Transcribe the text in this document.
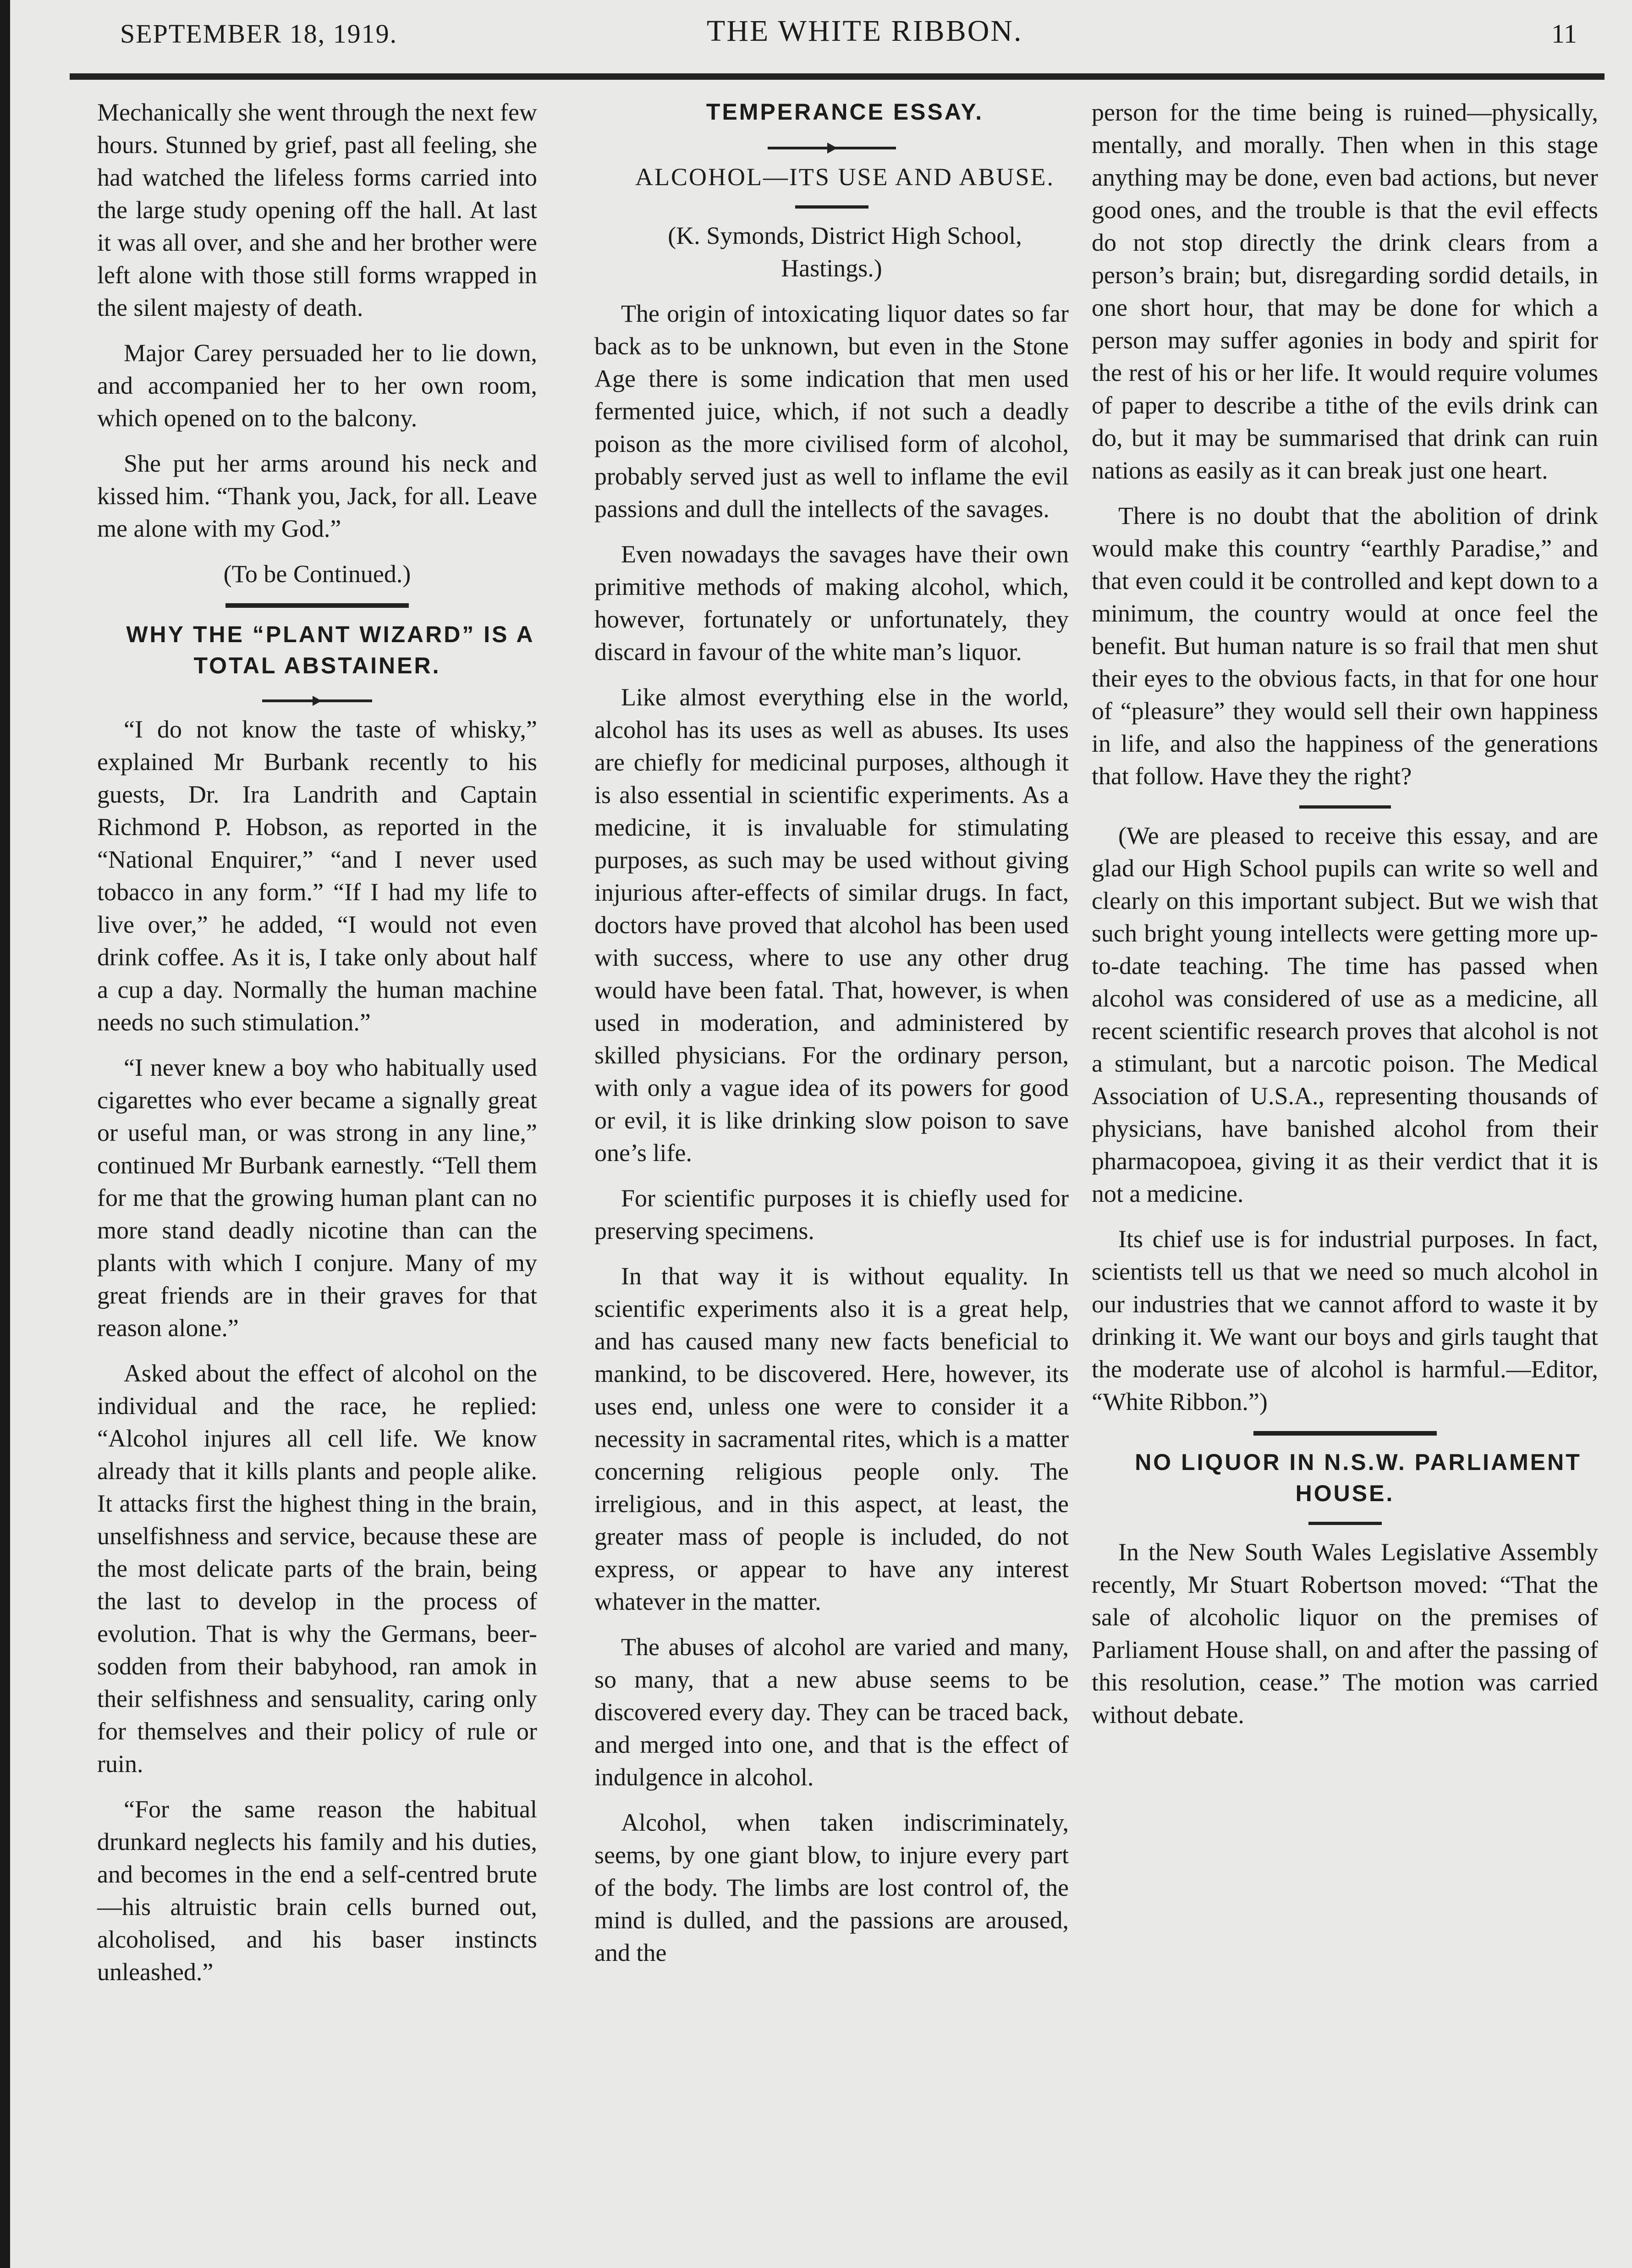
SEPTEMBER 18, 1919.	THE WHITE RIBBON.	11

Mechanically she went through the next few hours. Stunned by grief, past all feeling, she had watched the lifeless forms carried into the large study opening off the hall. At last it was all over, and she and her brother were left alone with those still forms wrapped in the silent majesty of death.

Major Carey persuaded her to lie down, and accompanied her to her own room, which opened on to the balcony.

She put her arms around his neck and kissed him. “Thank you, Jack, for all. Leave me alone with my God.”

(To be Continued.)

WHY THE “PLANT WIZARD” IS A TOTAL ABSTAINER.

“I do not know the taste of whisky,” explained Mr Burbank recently to his guests, Dr. Ira Landrith and Captain Richmond P. Hobson, as reported in the “National Enquirer,” “and I never used tobacco in any form.” “If I had my life to live over,” he added, “I would not even drink coffee. As it is, I take only about half a cup a day. Normally the human machine needs no such stimulation.”

“I never knew a boy who habitually used cigarettes who ever became a signally great or useful man, or was strong in any line,” continued Mr Burbank earnestly. “Tell them for me that the growing human plant can no more stand deadly nicotine than can the plants with which I conjure. Many of my great friends are in their graves for that reason alone.”

Asked about the effect of alcohol on the individual and the race, he replied: “Alcohol injures all cell life. We know already that it kills plants and people alike. It attacks first the highest thing in the brain, unselfishness and service, because these are the most delicate parts of the brain, being the last to develop in the process of evolution. That is why the Germans, beer-sodden from their babyhood, ran amok in their selfishness and sensuality, caring only for themselves and their policy of rule or ruin.

“For the same reason the habitual drunkard neglects his family and his duties, and becomes in the end a self-centred brute—his altruistic brain cells burned out, alcoholised, and his baser instincts unleashed.”

TEMPERANCE ESSAY.

ALCOHOL—ITS USE AND ABUSE.

(K. Symonds, District High School, Hastings.)

The origin of intoxicating liquor dates so far back as to be unknown, but even in the Stone Age there is some indication that men used fermented juice, which, if not such a deadly poison as the more civilised form of alcohol, probably served just as well to inflame the evil passions and dull the intellects of the savages.

Even nowadays the savages have their own primitive methods of making alcohol, which, however, fortunately or unfortunately, they discard in favour of the white man’s liquor.

Like almost everything else in the world, alcohol has its uses as well as abuses. Its uses are chiefly for medicinal purposes, although it is also essential in scientific experiments. As a medicine, it is invaluable for stimulating purposes, as such may be used without giving injurious after-effects of similar drugs. In fact, doctors have proved that alcohol has been used with success, where to use any other drug would have been fatal. That, however, is when used in moderation, and administered by skilled physicians. For the ordinary person, with only a vague idea of its powers for good or evil, it is like drinking slow poison to save one’s life.

For scientific purposes it is chiefly used for preserving specimens.

In that way it is without equality. In scientific experiments also it is a great help, and has caused many new facts beneficial to mankind, to be discovered. Here, however, its uses end, unless one were to consider it a necessity in sacramental rites, which is a matter concerning religious people only. The irreligious, and in this aspect, at least, the greater mass of people is included, do not express, or appear to have any interest whatever in the matter.

The abuses of alcohol are varied and many, so many, that a new abuse seems to be discovered every day. They can be traced back, and merged into one, and that is the effect of indulgence in alcohol.

Alcohol, when taken indiscriminately, seems, by one giant blow, to injure every part of the body. The limbs are lost control of, the mind is dulled, and the passions are aroused, and the

person for the time being is ruined—physically, mentally, and morally. Then when in this stage anything may be done, even bad actions, but never good ones, and the trouble is that the evil effects do not stop directly the drink clears from a person’s brain; but, disregarding sordid details, in one short hour, that may be done for which a person may suffer agonies in body and spirit for the rest of his or her life. It would require volumes of paper to describe a tithe of the evils drink can do, but it may be summarised that drink can ruin nations as easily as it can break just one heart.

There is no doubt that the abolition of drink would make this country “earthly Paradise,” and that even could it be controlled and kept down to a minimum, the country would at once feel the benefit. But human nature is so frail that men shut their eyes to the obvious facts, in that for one hour of “pleasure” they would sell their own happiness in life, and also the happiness of the generations that follow. Have they the right?

(We are pleased to receive this essay, and are glad our High School pupils can write so well and clearly on this important subject. But we wish that such bright young intellects were getting more up-to-date teaching. The time has passed when alcohol was considered of use as a medicine, all recent scientific research proves that alcohol is not a stimulant, but a narcotic poison. The Medical Association of U.S.A., representing thousands of physicians, have banished alcohol from their pharmacopoea, giving it as their verdict that it is not a medicine.

Its chief use is for industrial purposes. In fact, scientists tell us that we need so much alcohol in our industries that we cannot afford to waste it by drinking it. We want our boys and girls taught that the moderate use of alcohol is harmful.—Editor, “White Ribbon.”)

NO LIQUOR IN N.S.W. PARLIAMENT HOUSE.

In the New South Wales Legislative Assembly recently, Mr Stuart Robertson moved: “That the sale of alcoholic liquor on the premises of Parliament House shall, on and after the passing of this resolution, cease.” The motion was carried without debate.
